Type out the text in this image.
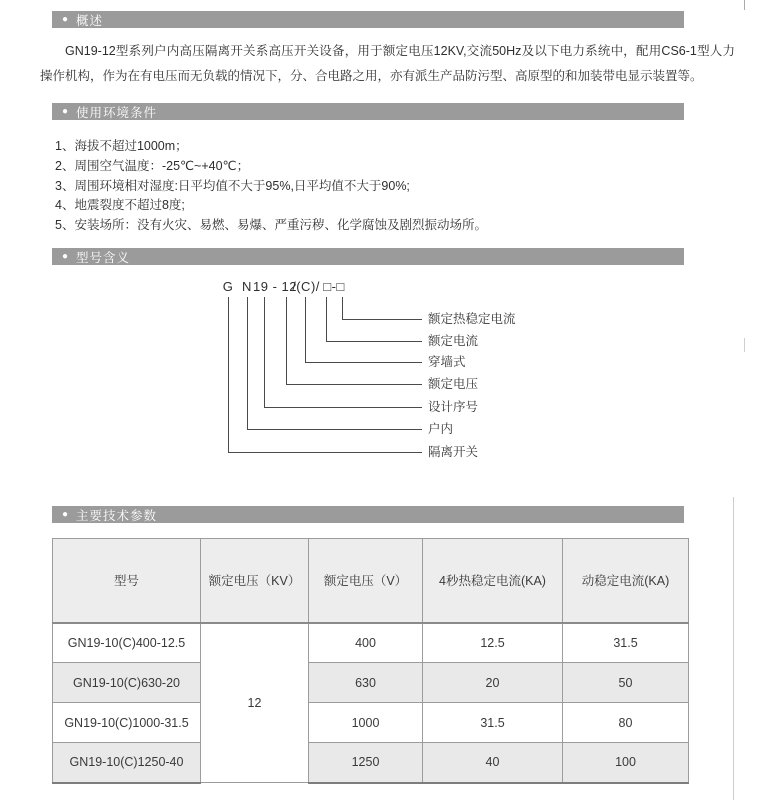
● 概述
GN19-12型系列户内高压隔离开关系高压开关设备，用于额定电压12KV,交流50Hz及以下电力系统中，配用CS6-1型人力操作机构，作为在有电压而无负载的情况下，分、合电路之用，亦有派生产品防污型、高原型的和加装带电显示装置等。
● 使用环境条件
1、海拔不超过1000m；
2、周围空气温度：-25℃~+40℃；
3、周围环境相对湿度:日平均值不大于95%,日平均值不大于90%;
4、地震裂度不超过8度;
5、安装场所：没有火灾、易燃、易爆、严重污秽、化学腐蚀及剧烈振动场所。
● 型号含义
G N 19 - 12
/(C)/ □-□
额定热稳定电流
额定电流
穿墙式
额定电压
设计序号
户内
隔离开关
● 主要技术参数
型号	额定电压（KV）	额定电压（V）	4秒热稳定电流(KA)	动稳定电流(KA)
GN19-10(C)400-12.5	12	400	12.5	31.5
GN19-10(C)630-20		630	20	50
GN19-10(C)1000-31.5		1000	31.5	80
GN19-10(C)1250-40		1250	40	100
